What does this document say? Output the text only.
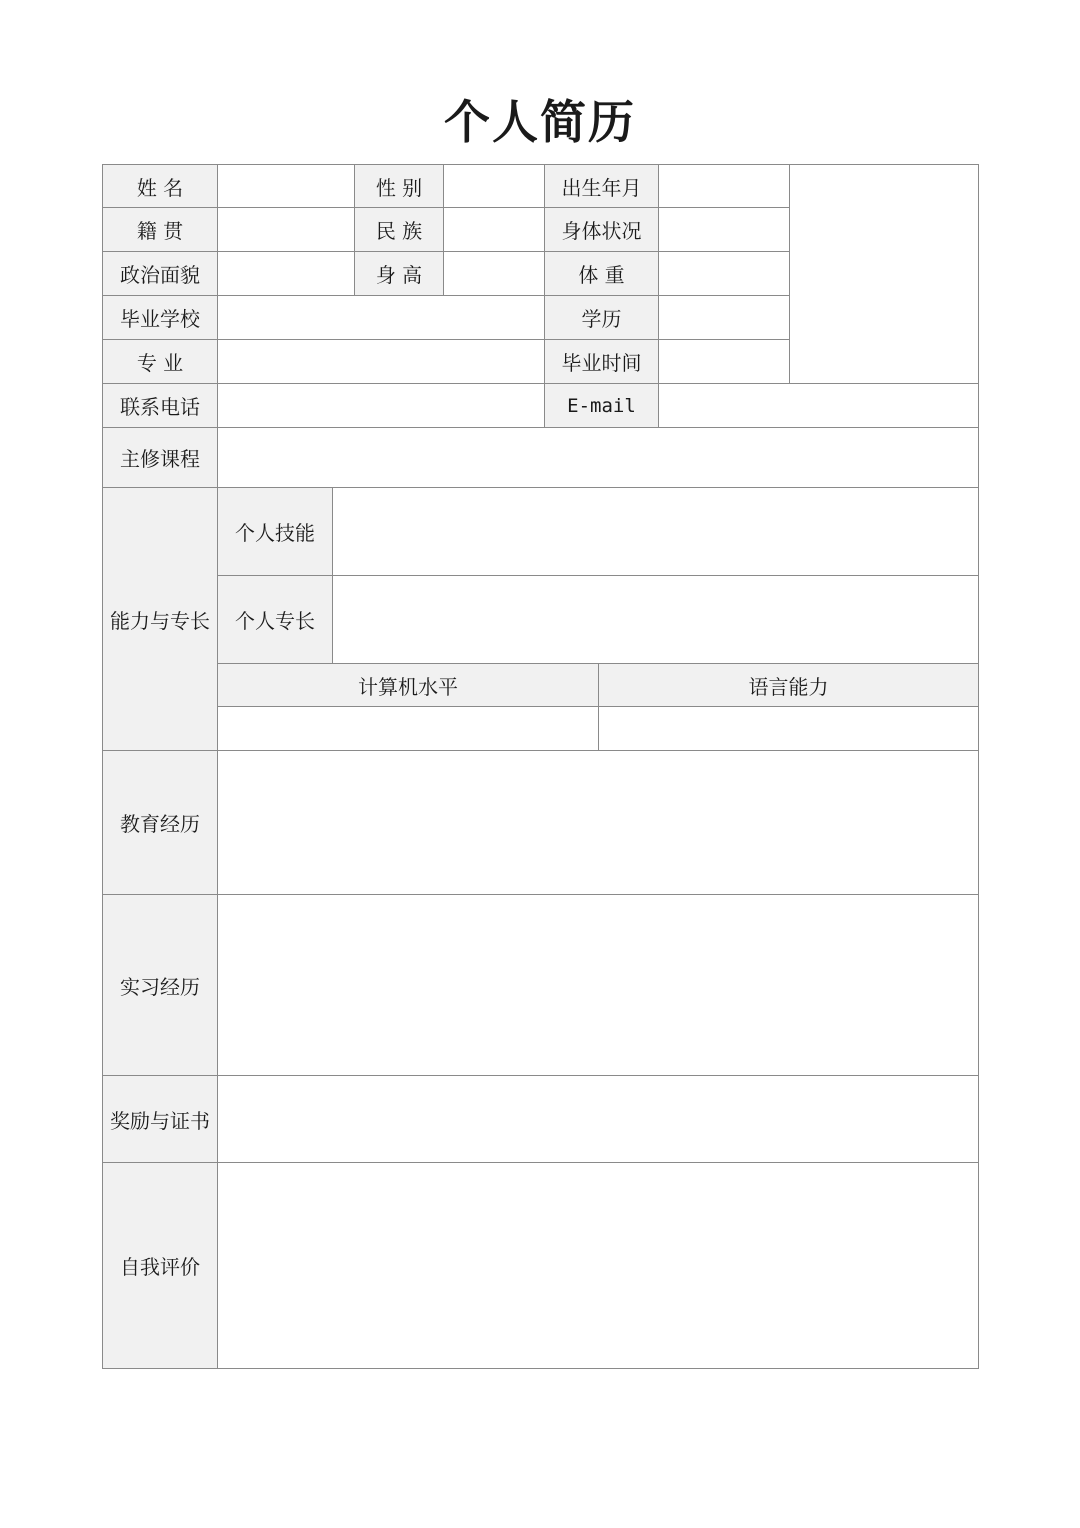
个人简历
姓 名	性 别	出生年月
籍 贯	民 族	身体状况
政治面貌	身 高	体 重
毕业学校	学历
专 业	毕业时间
联系电话	E-mail
主修课程
能力与专长
个人技能
个人专长
计算机水平	语言能力
教育经历
实习经历
奖励与证书
自我评价
